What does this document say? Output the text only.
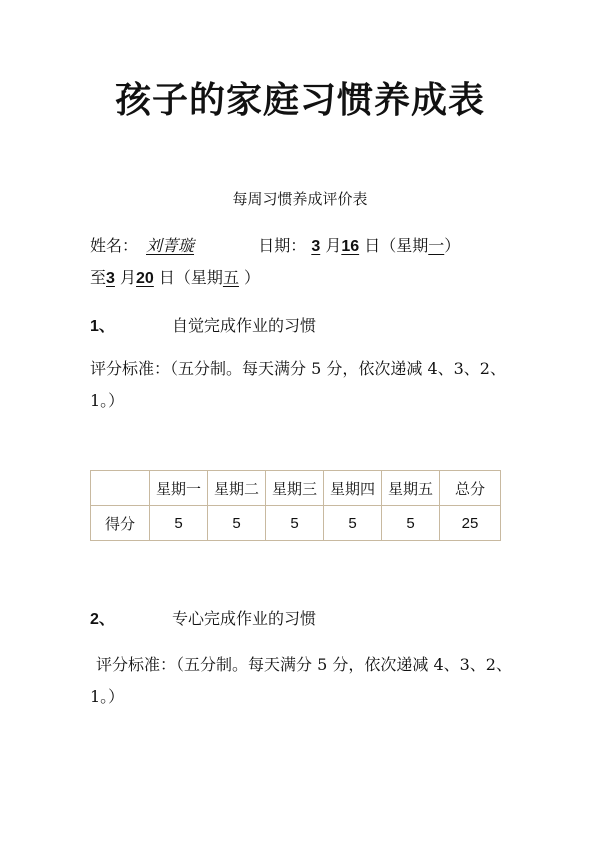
孩子的家庭习惯养成表
每周习惯养成评价表
姓名： 刘菁璇	日期： 3 月16 日（星期一）
至3 月20 日（星期五 ）
1、	自觉完成作业的习惯
评分标准：（五分制。每天满分 5 分，依次递减 4、3、2、
1。）
	星期一	星期二	星期三	星期四	星期五	总分
得分	5	5	5	5	5	25
2、	专心完成作业的习惯
评分标准：（五分制。每天满分 5 分，依次递减 4、3、2、
1。）
